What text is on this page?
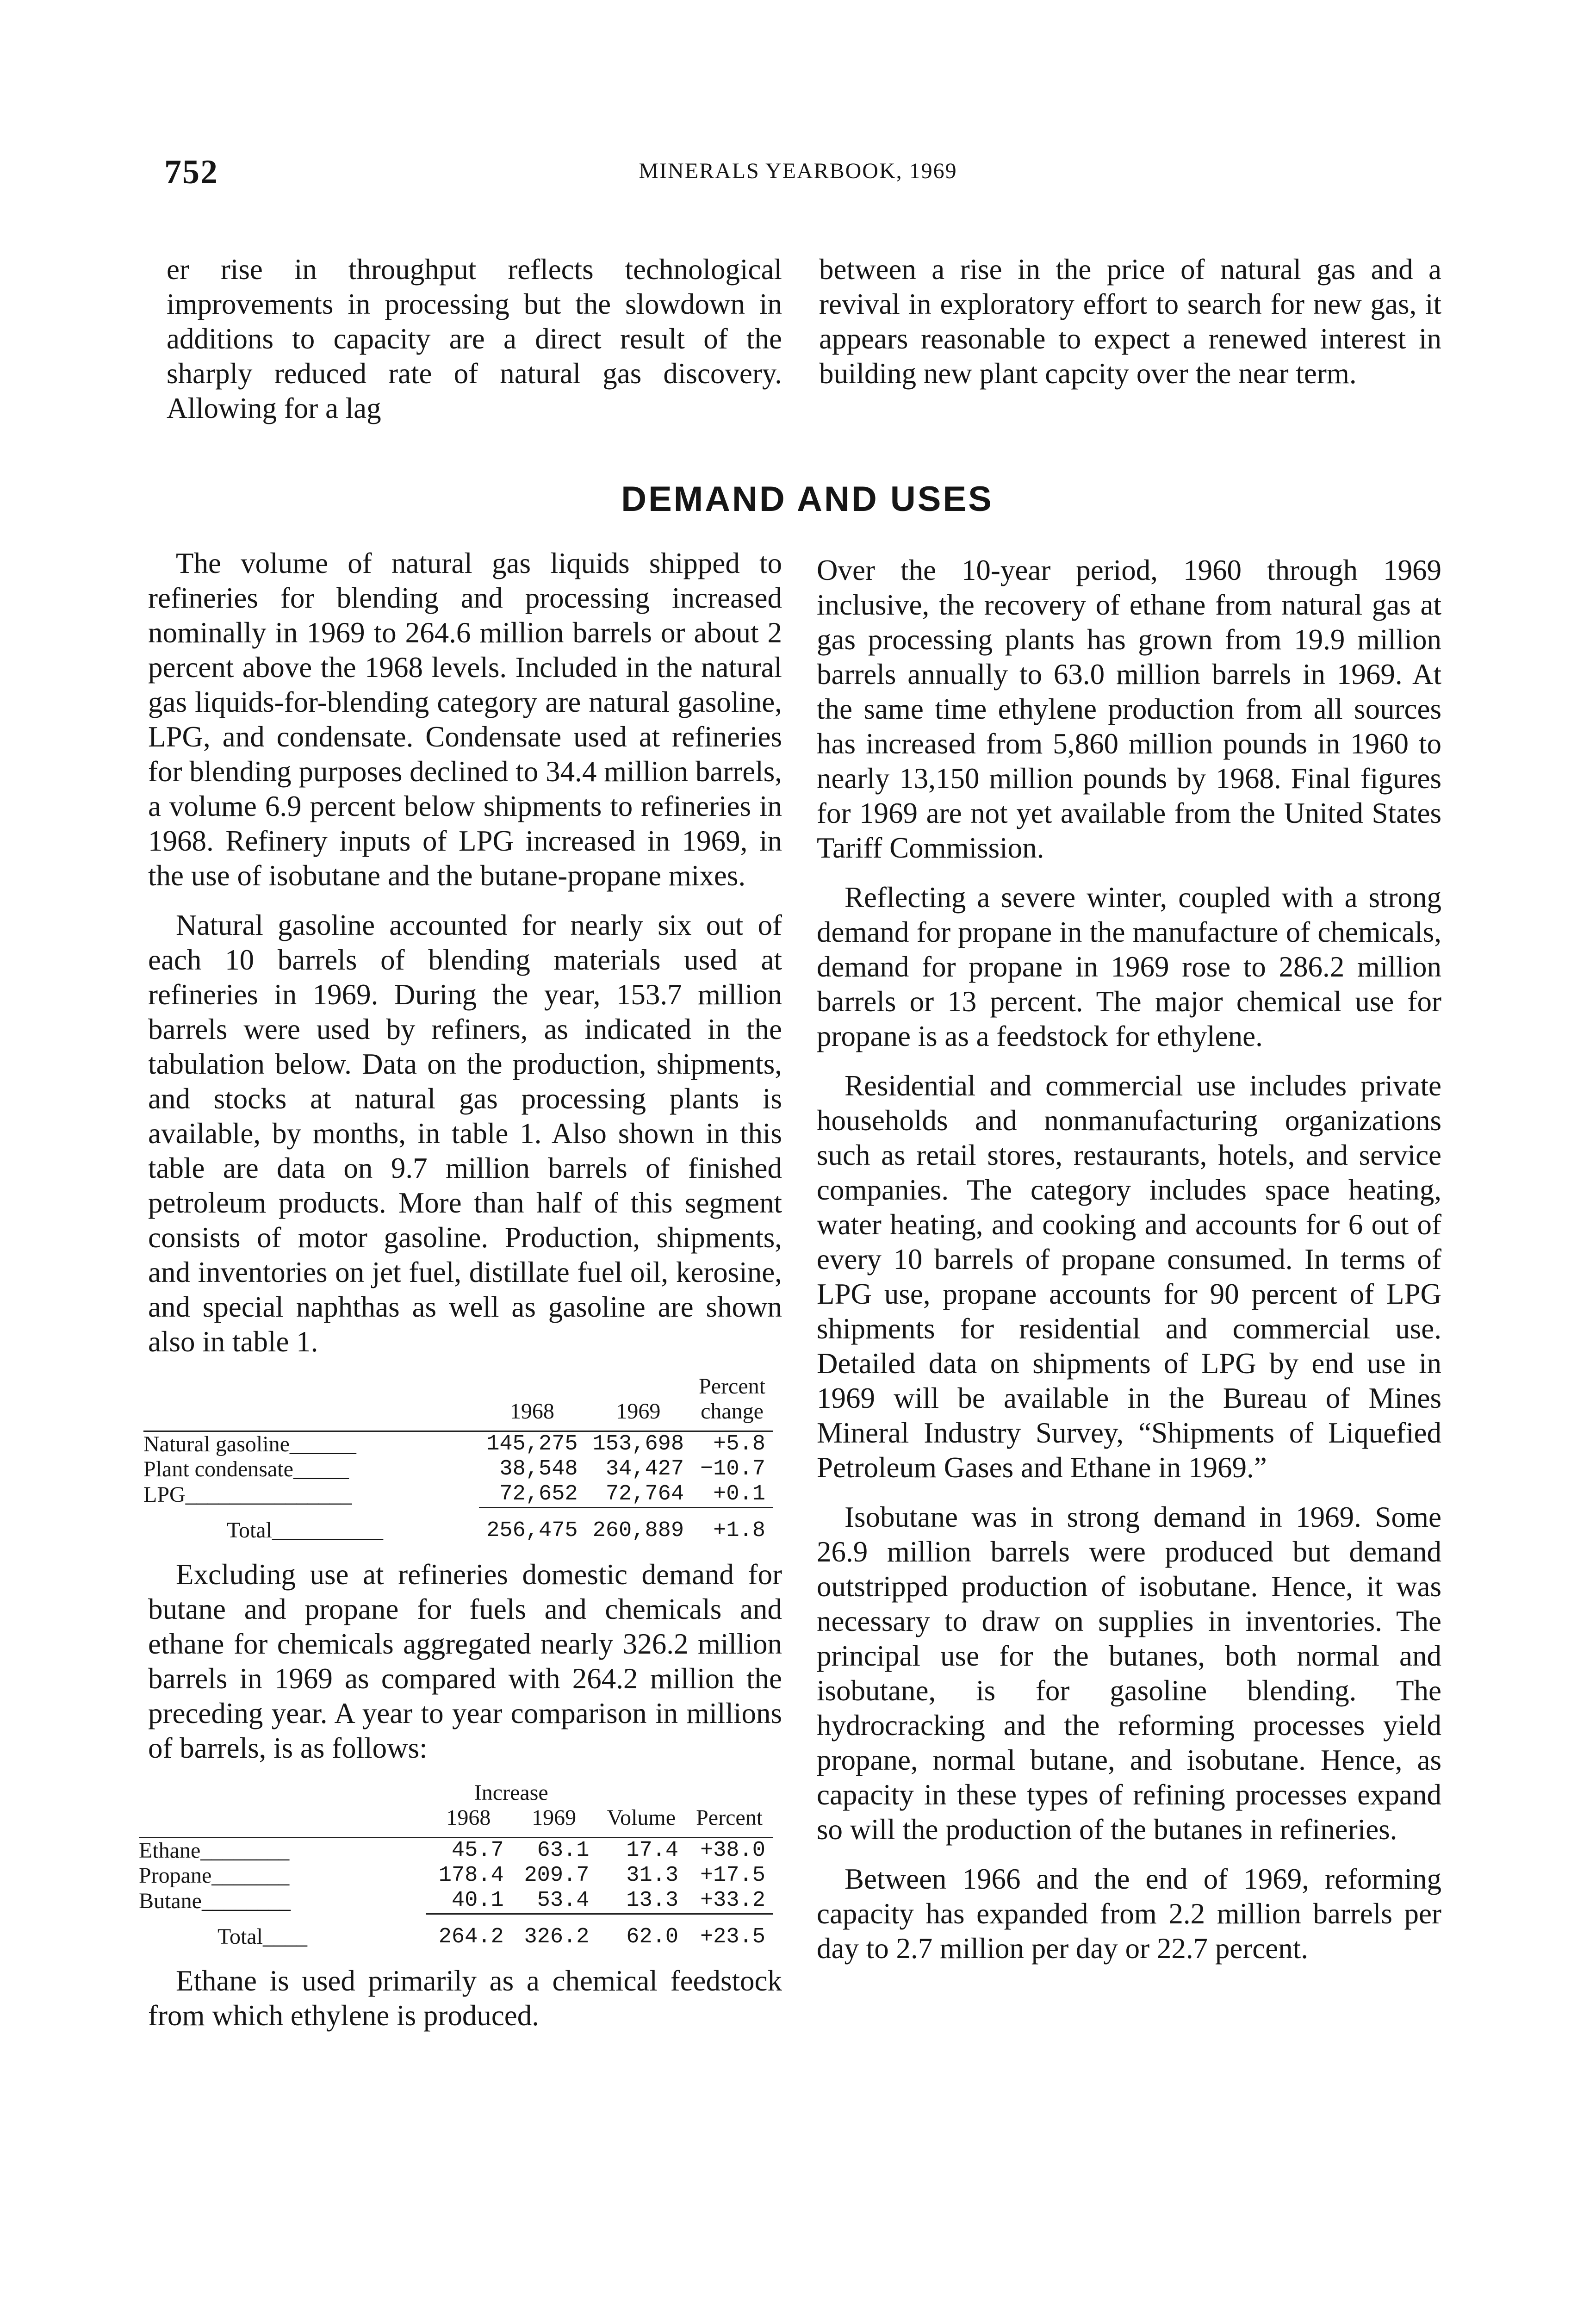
752	MINERALS YEARBOOK, 1969

er rise in throughput reflects technological improvements in processing but the slowdown in additions to capacity are a direct result of the sharply reduced rate of natural gas discovery. Allowing for a lag

between a rise in the price of natural gas and a revival in exploratory effort to search for new gas, it appears reasonable to expect a renewed interest in building new plant capcity over the near term.

DEMAND AND USES

The volume of natural gas liquids shipped to refineries for blending and processing increased nominally in 1969 to 264.6 million barrels or about 2 percent above the 1968 levels. Included in the natural gas liquids-for-blending category are natural gasoline, LPG, and condensate. Condensate used at refineries for blending purposes declined to 34.4 million barrels, a volume 6.9 percent below shipments to refineries in 1968. Refinery inputs of LPG increased in 1969, in the use of isobutane and the butane-propane mixes.

Natural gasoline accounted for nearly six out of each 10 barrels of blending materials used at refineries in 1969. During the year, 153.7 million barrels were used by refiners, as indicated in the tabulation below. Data on the production, shipments, and stocks at natural gas processing plants is available, by months, in table 1. Also shown in this table are data on 9.7 million barrels of finished petroleum products. More than half of this segment consists of motor gasoline. Production, shipments, and inventories on jet fuel, distillate fuel oil, kerosine, and special naphthas as well as gasoline are shown also in table 1.

	1968	1969	Percent change
Natural gasoline______	145,275	153,698	+5.8
Plant condensate_____	38,548	34,427	−10.7
LPG_______________	72,652	72,764	+0.1
Total__________	256,475	260,889	+1.8

Excluding use at refineries domestic demand for butane and propane for fuels and chemicals and ethane for chemicals aggregated nearly 326.2 million barrels in 1969 as compared with 264.2 million the preceding year. A year to year comparison in millions of barrels, is as follows:

	Increase			
	1968	1969	Volume	Percent
Ethane________	45.7	63.1	17.4	+38.0
Propane_______	178.4	209.7	31.3	+17.5
Butane________	40.1	53.4	13.3	+33.2
Total____	264.2	326.2	62.0	+23.5

Ethane is used primarily as a chemical feedstock from which ethylene is produced.

Over the 10-year period, 1960 through 1969 inclusive, the recovery of ethane from natural gas at gas processing plants has grown from 19.9 million barrels annually to 63.0 million barrels in 1969. At the same time ethylene production from all sources has increased from 5,860 million pounds in 1960 to nearly 13,150 million pounds by 1968. Final figures for 1969 are not yet available from the United States Tariff Commission.

Reflecting a severe winter, coupled with a strong demand for propane in the manufacture of chemicals, demand for propane in 1969 rose to 286.2 million barrels or 13 percent. The major chemical use for propane is as a feedstock for ethylene.

Residential and commercial use includes private households and nonmanufacturing organizations such as retail stores, restaurants, hotels, and service companies. The category includes space heating, water heating, and cooking and accounts for 6 out of every 10 barrels of propane consumed. In terms of LPG use, propane accounts for 90 percent of LPG shipments for residential and commercial use. Detailed data on shipments of LPG by end use in 1969 will be available in the Bureau of Mines Mineral Industry Survey, “Shipments of Liquefied Petroleum Gases and Ethane in 1969.”

Isobutane was in strong demand in 1969. Some 26.9 million barrels were produced but demand outstripped production of isobutane. Hence, it was necessary to draw on supplies in inventories. The principal use for the butanes, both normal and isobutane, is for gasoline blending. The hydrocracking and the reforming processes yield propane, normal butane, and isobutane. Hence, as capacity in these types of refining processes expand so will the production of the butanes in refineries.

Between 1966 and the end of 1969, reforming capacity has expanded from 2.2 million barrels per day to 2.7 million per day or 22.7 percent.
